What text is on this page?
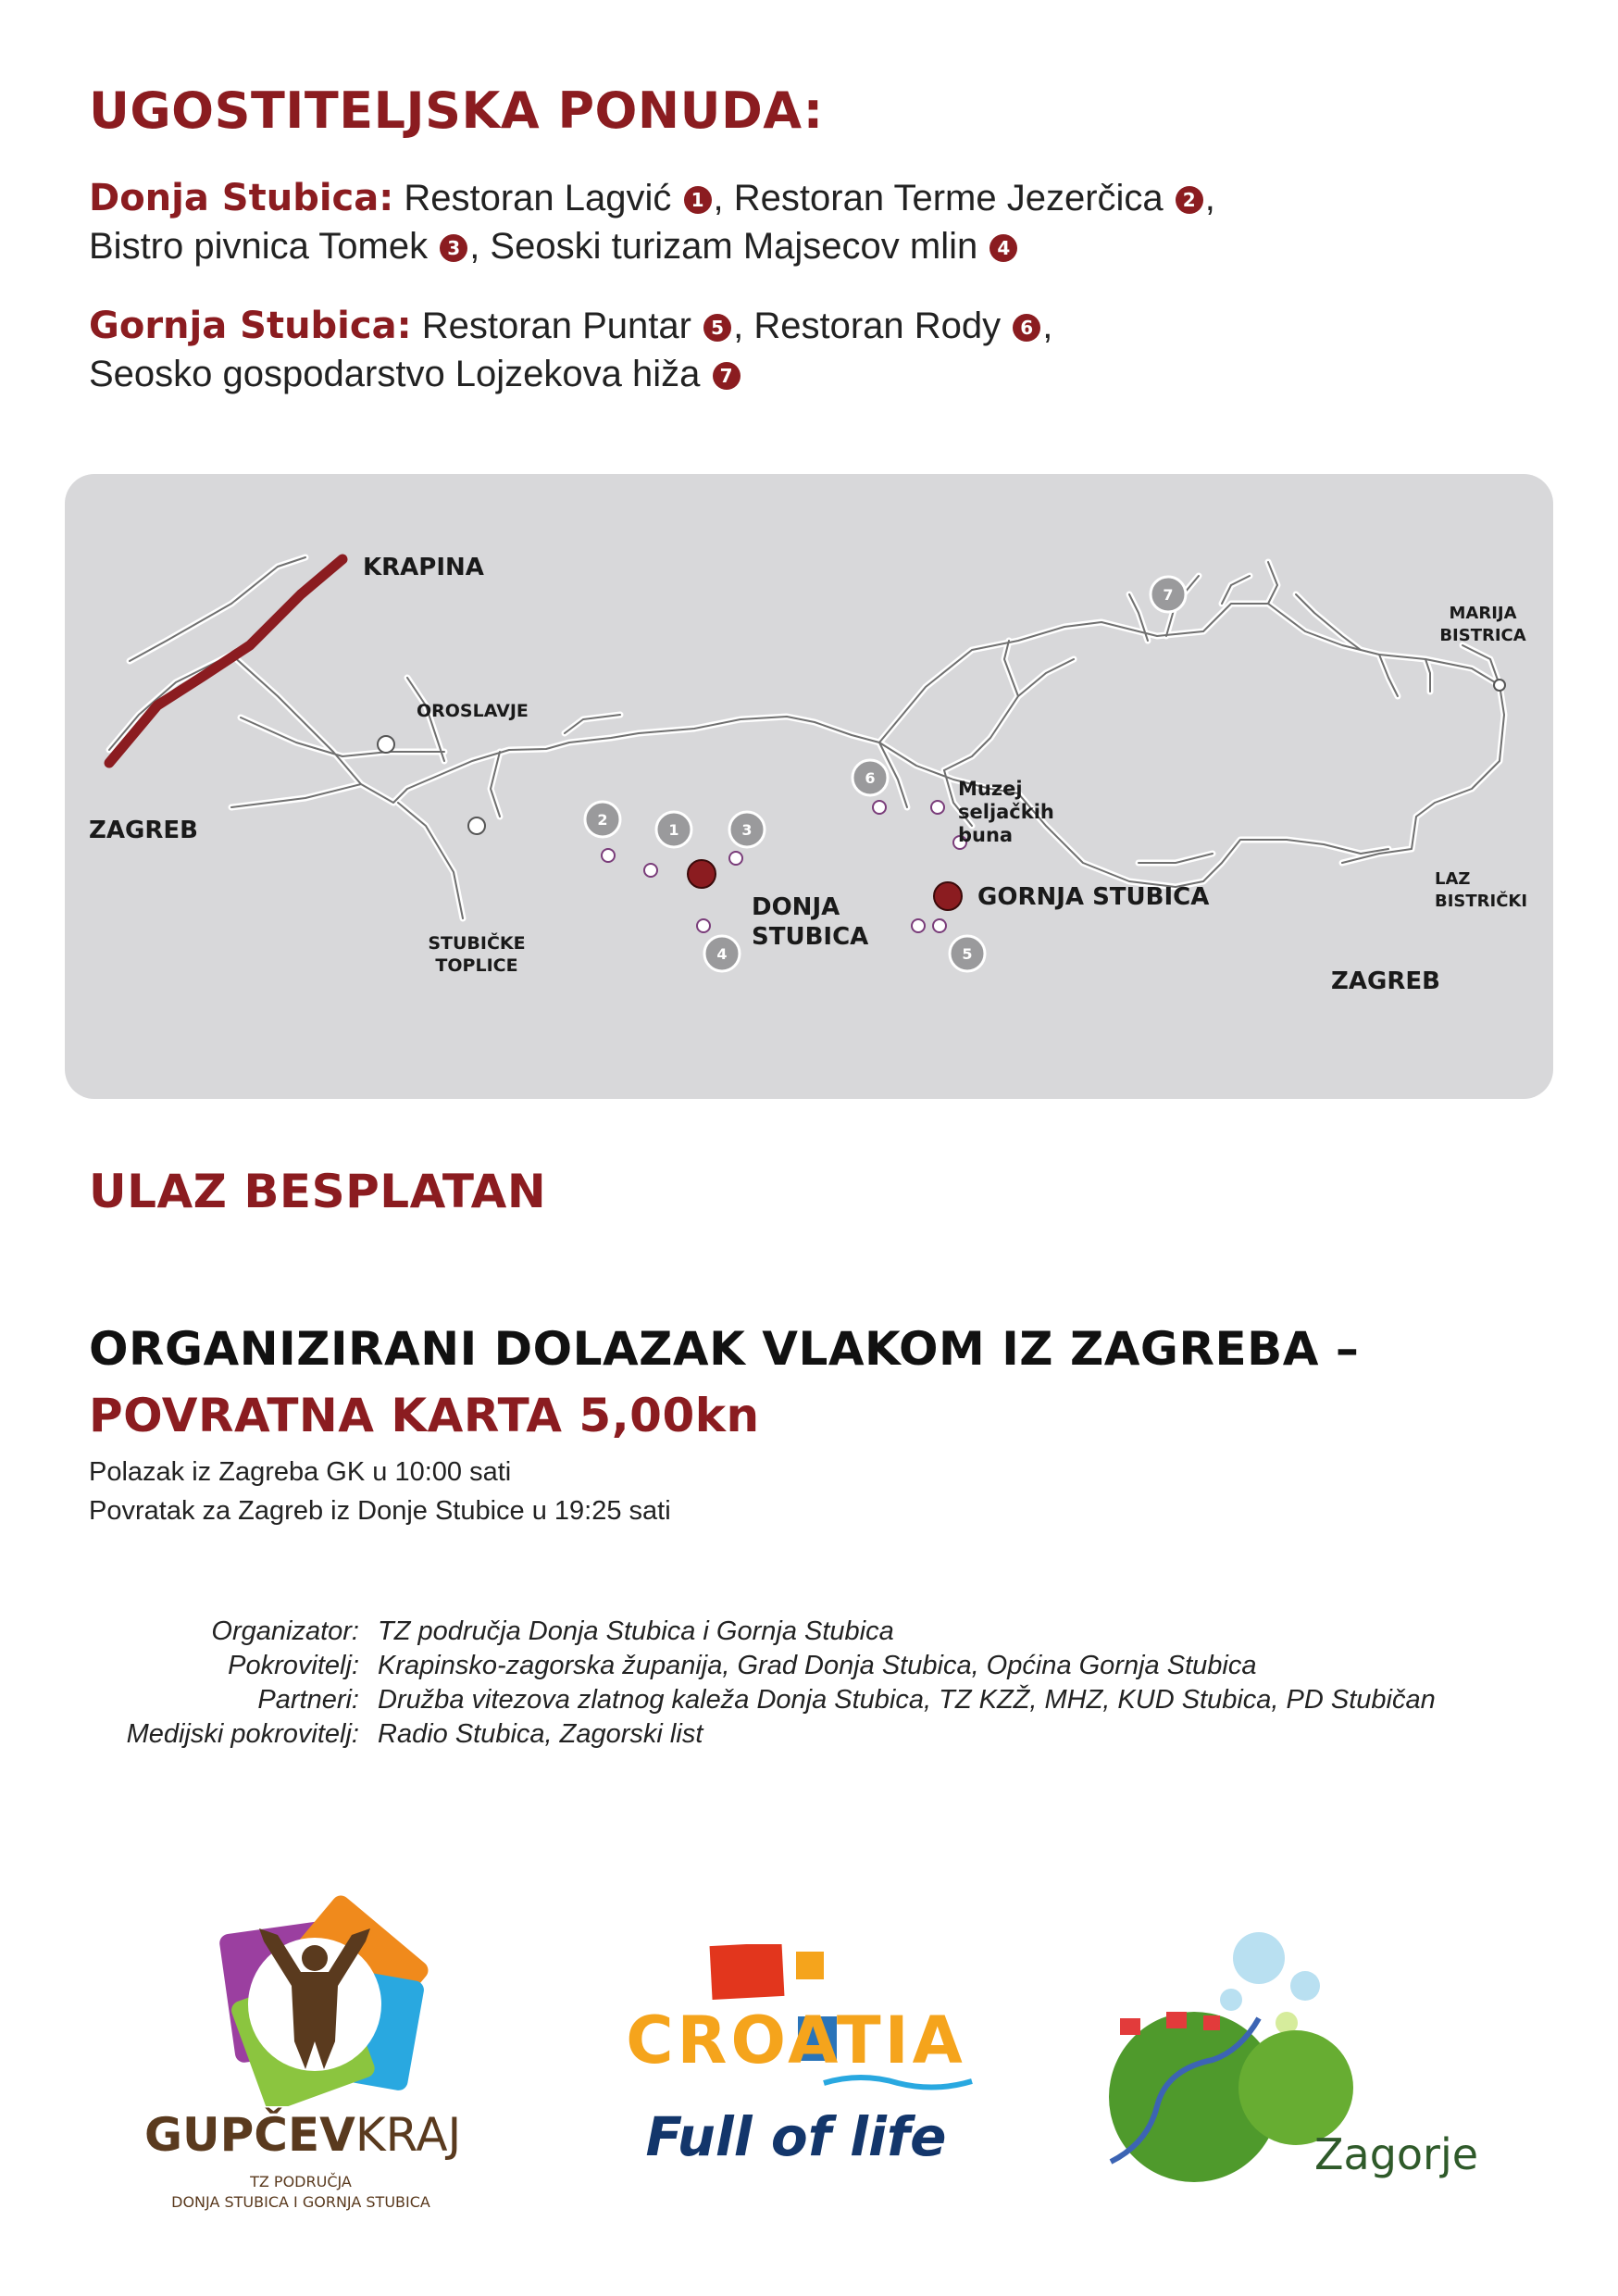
UGOSTITELJSKA PONUDA:
Donja Stubica: Restoran Lagvić 1 , Restoran Terme Jezerčica 2 ,
Bistro pivnica Tomek 3 , Seoski turizam Majsecov mlin 4
Gornja Stubica: Restoran Puntar 5 , Restoran Rody 6 ,
Seosko gospodarstvo Lojzekova hiža 7
1
2
3
4	5
6
7
KRAPINA
OROSLAVJE
ZAGREB
STUBIČKE
TOPLICE
DONJA
STUBICA
GORNJA STUBICA
Muzej
seljačkih
buna
MARIJA
BISTRICA
LAZ
BISTRIČKI
ZAGREB
ULAZ BESPLATAN
ORGANIZIRANI DOLAZAK VLAKOM IZ ZAGREBA –
POVRATNA KARTA 5,00kn
Polazak iz Zagreba GK u 10:00 sati
Povratak za Zagreb iz Donje Stubice u 19:25 sati
Organizator: TZ područja Donja Stubica i Gornja Stubica
Pokrovitelj: Krapinsko-zagorska županija, Grad Donja Stubica, Općina Gornja Stubica
Partneri: Družba vitezova zlatnog kaleža Donja Stubica, TZ KZŽ, MHZ, KUD Stubica, PD Stubičan
Medijski pokrovitelj: Radio Stubica, Zagorski list
GUPČEVKRAJ
TZ PODRUČJA
DONJA STUBICA I GORNJA STUBICA
CROATIA
Full of life	Zagorje
